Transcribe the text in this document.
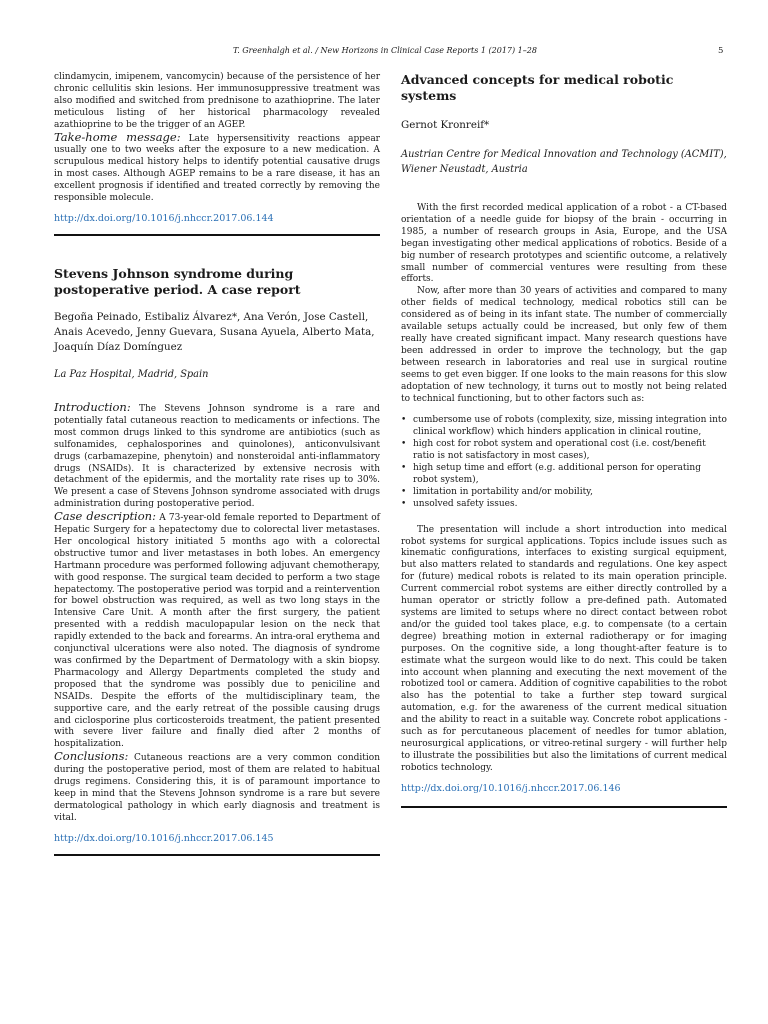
T. Greenhalgh et al. / New Horizons in Clinical Case Reports 1 (2017) 1–28	5

clindamycin, imipenem, vancomycin) because of the persistence of her chronic cellulitis skin lesions. Her immunosuppressive treatment was also modified and switched from prednisone to azathioprine. The later meticulous listing of her historical pharmacology revealed azathioprine to be the trigger of an AGEP.

Take-home message: Late hypersensitivity reactions appear usually one to two weeks after the exposure to a new medication. A scrupulous medical history helps to identify potential causative drugs in most cases. Although AGEP remains to be a rare disease, it has an excellent prognosis if identified and treated correctly by removing the responsible molecule.

http://dx.doi.org/10.1016/j.nhccr.2017.06.144
Stevens Johnson syndrome during postoperative period. A case report

Begoña Peinado, Estibaliz Álvarez*, Ana Verón, Jose Castell, Anais Acevedo, Jenny Guevara, Susana Ayuela, Alberto Mata, Joaquín Díaz Domínguez

La Paz Hospital, Madrid, Spain

Introduction: The Stevens Johnson syndrome is a rare and potentially fatal cutaneous reaction to medicaments or infections. The most common drugs linked to this syndrome are antibiotics (such as sulfonamides, cephalosporines and quinolones), anticonvulsivant drugs (carbamazepine, phenytoin) and nonsteroidal anti-inflammatory drugs (NSAIDs). It is characterized by extensive necrosis with detachment of the epidermis, and the mortality rate rises up to 30%. We present a case of Stevens Johnson syndrome associated with drugs administration during postoperative period.

Case description: A 73-year-old female reported to Department of Hepatic Surgery for a hepatectomy due to colorectal liver metastases. Her oncological history initiated 5 months ago with a colorectal obstructive tumor and liver metastases in both lobes. An emergency Hartmann procedure was performed following adjuvant chemotherapy, with good response. The surgical team decided to perform a two stage hepatectomy. The postoperative period was torpid and a reintervention for bowel obstruction was required, as well as two long stays in the Intensive Care Unit. A month after the first surgery, the patient presented with a reddish maculopapular lesion on the neck that rapidly extended to the back and forearms. An intra-oral erythema and conjunctival ulcerations were also noted. The diagnosis of syndrome was confirmed by the Department of Dermatology with a skin biopsy. Pharmacology and Allergy Departments completed the study and proposed that the syndrome was possibly due to peniciline and NSAIDs. Despite the efforts of the multidisciplinary team, the supportive care, and the early retreat of the possible causing drugs and ciclosporine plus corticosteroids treatment, the patient presented with severe liver failure and finally died after 2 months of hospitalization.

Conclusions: Cutaneous reactions are a very common condition during the postoperative period, most of them are related to habitual drugs regimens. Considering this, it is of paramount importance to keep in mind that the Stevens Johnson syndrome is a rare but severe dermatological pathology in which early diagnosis and treatment is vital.

http://dx.doi.org/10.1016/j.nhccr.2017.06.145
Advanced concepts for medical robotic systems

Gernot Kronreif*

Austrian Centre for Medical Innovation and Technology (ACMIT), Wiener Neustadt, Austria

With the first recorded medical application of a robot - a CT-based orientation of a needle guide for biopsy of the brain - occurring in 1985, a number of research groups in Asia, Europe, and the USA began investigating other medical applications of robotics. Beside of a big number of research prototypes and scientific outcome, a relatively small number of commercial ventures were resulting from these efforts.

Now, after more than 30 years of activities and compared to many other fields of medical technology, medical robotics still can be considered as of being in its infant state. The number of commercially available setups actually could be increased, but only few of them really have created significant impact. Many research questions have been addressed in order to improve the technology, but the gap between research in laboratories and real use in surgical routine seems to get even bigger. If one looks to the main reasons for this slow adoptation of new technology, it turns out to mostly not being related to technical functioning, but to other factors such as:

• cumbersome use of robots (complexity, size, missing integration into clinical workflow) which hinders application in clinical routine,
• high cost for robot system and operational cost (i.e. cost/benefit ratio is not satisfactory in most cases),
• high setup time and effort (e.g. additional person for operating robot system),
• limitation in portability and/or mobility,
• unsolved safety issues.

The presentation will include a short introduction into medical robot systems for surgical applications. Topics include issues such as kinematic configurations, interfaces to existing surgical equipment, but also matters related to standards and regulations. One key aspect for (future) medical robots is related to its main operation principle. Current commercial robot systems are either directly controlled by a human operator or strictly follow a pre-defined path. Automated systems are limited to setups where no direct contact between robot and/or the guided tool takes place, e.g. to compensate (to a certain degree) breathing motion in external radiotherapy or for imaging purposes. On the cognitive side, a long thought-after feature is to estimate what the surgeon would like to do next. This could be taken into account when planning and executing the next movement of the robotized tool or camera. Addition of cognitive capabilities to the robot also has the potential to take a further step toward surgical automation, e.g. for the awareness of the current medical situation and the ability to react in a suitable way. Concrete robot applications - such as for percutaneous placement of needles for tumor ablation, neurosurgical applications, or vitreo-retinal surgery - will further help to illustrate the possibilities but also the limitations of current medical robotics technology.

http://dx.doi.org/10.1016/j.nhccr.2017.06.146
